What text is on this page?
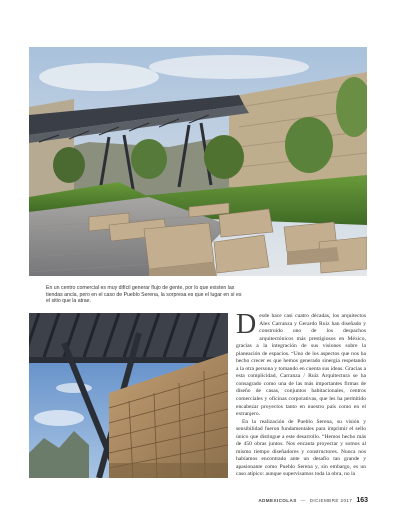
En un centro comercial es muy difícil generar flujo de gente, por lo que existen las tiendas ancla, pero en el caso de Pueblo Serena, la sorpresa es que el lugar en sí es el sitio que la atrae.

Desde hace casi cuatro décadas, los arquitectos Alex Carranza y Gerardo Ruiz han diseñado y construido uno de los despachos arquitectónicos más prestigiosos en México, gracias a la integración de sus visiones sobre la planeación de espacios. “Uno de los aspectos que nos ha hecho crecer es que hemos generado sinergia respetando a la otra persona y tomando en cuenta sus ideas. Gracias a esta complicidad, Carranza / Ruiz Arquitectura se ha consagrado como una de las más importantes firmas de diseño de casas, conjuntos habitacionales, centros comerciales y oficinas corporativas, que les ha permitido encabezar proyectos tanto en nuestro país como en el extranjero.

En la realización de Pueblo Serena, su visión y sensibilidad fueron fundamentales para imprimir el sello único que distingue a este desarrollo. “Hemos hecho más de 450 obras juntos. Nos encanta proyectar y somos al mismo tiempo diseñadores y constructores. Nunca nos habíamos encontrado ante un desafío tan grande y apasionante como Pueblo Serena y, sin embargo, es un caso atípico: aunque supervisamos toda la obra, no la

ADMEXICOLAS — DICIEMBRE 2017 163
